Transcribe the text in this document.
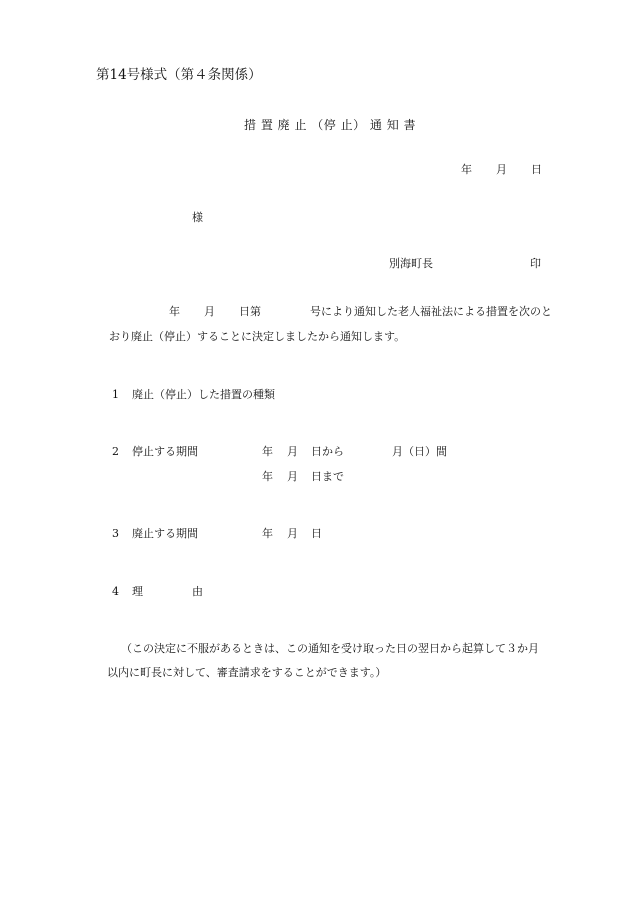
第14号様式（第４条関係）
措 置 廃 止 （停 止） 通 知 書
年 月 日
様
別海町長	印
年 月 日第	号により通知した老人福祉法による措置を次のと
おり廃止（停止）することに決定しましたから通知します。
1 廃止（停止）した措置の種類
2 停止する期間	年 月 日から	月（日）間
年 月 日まで
3 廃止する期間	年 月 日
4 理	由
（この決定に不服があるときは、この通知を受け取った日の翌日から起算して３か月
以内に町長に対して、審査請求をすることができます。）
